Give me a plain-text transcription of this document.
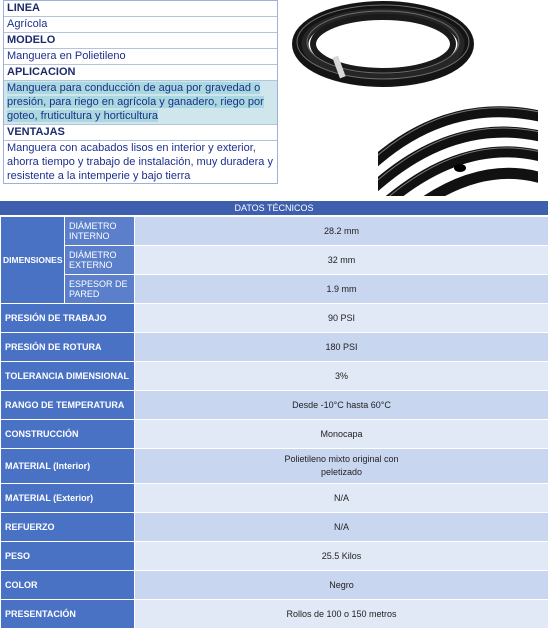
LINEA
Agrícola
MODELO
Manguera en Polietileno
APLICACION
Manguera para conducción de agua por gravedad o presión, para riego en agrícola y ganadero, riego por goteo, fruticultura y horticultura
VENTAJAS
Manguera con acabados lisos en interior y exterior, ahorra tiempo y trabajo de instalación, muy duradera y resistente a la intemperie y bajo tierra
DATOS TÉCNICOS
DIMENSIONES	DIÁMETRO INTERNO	28.2 mm
	DIÁMETRO EXTERNO	32 mm
	ESPESOR DE PARED	1.9 mm
PRESIÓN DE TRABAJO		90 PSI
PRESIÓN DE ROTURA		180 PSI
TOLERANCIA DIMENSIONAL		3%
RANGO DE TEMPERATURA		Desde -10°C hasta 60°C
CONSTRUCCIÓN		Monocapa
MATERIAL (Interior)		Polietileno mixto original con peletizado

MATERIAL (Exterior)		N/A
REFUERZO		N/A
PESO		25.5 Kilos
COLOR		Negro
PRESENTACIÓN		Rollos de 100 o 150 metros
